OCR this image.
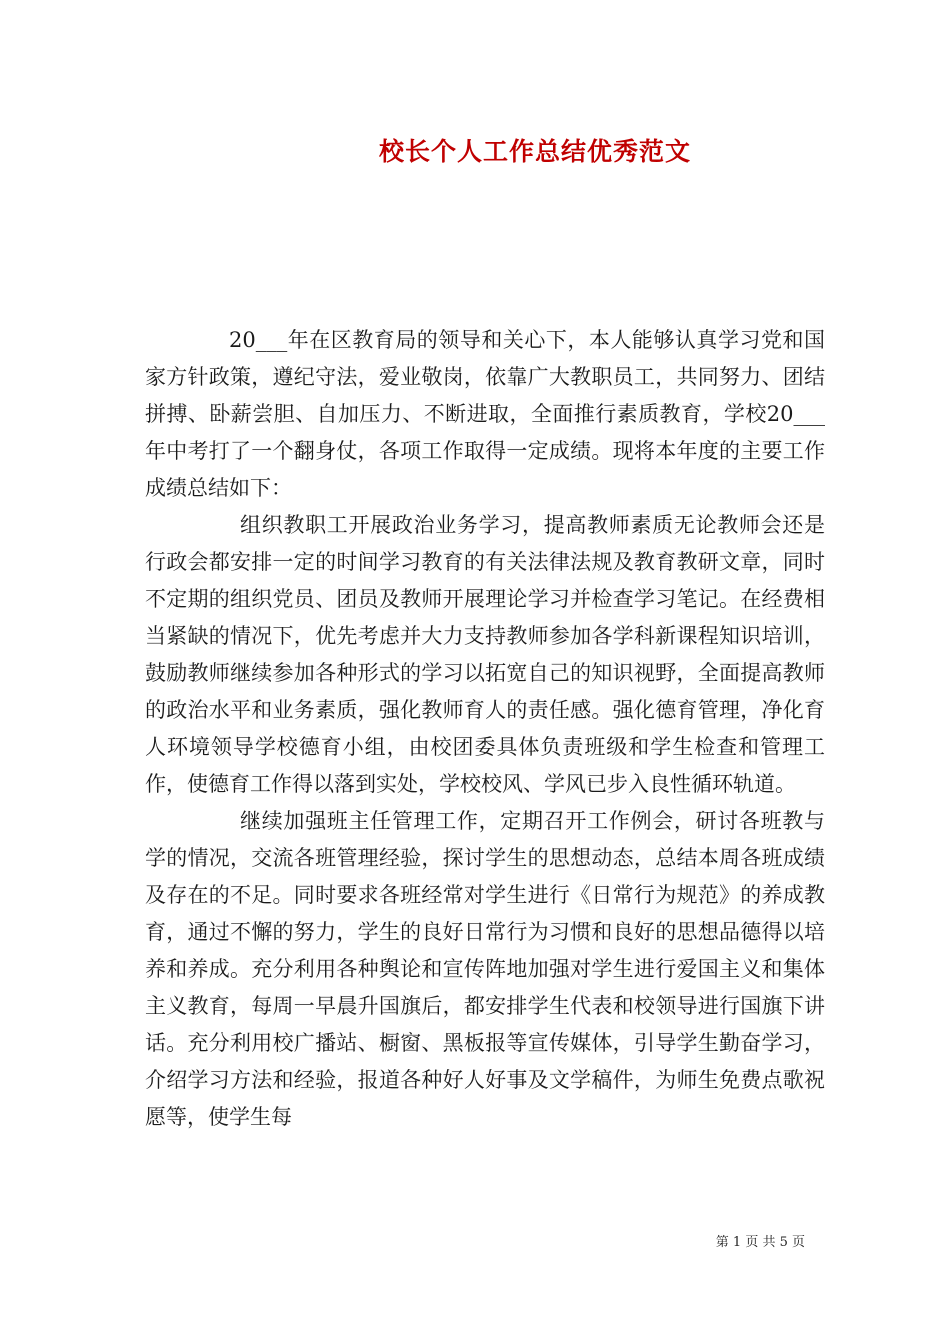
校长个人工作总结优秀范文

20___年在区教育局的领导和关心下，本人能够认真学习党和国家方针政策，遵纪守法，爱业敬岗，依靠广大教职员工，共同努力、团结拼搏、卧薪尝胆、自加压力、不断进取，全面推行素质教育，学校20___年中考打了一个翻身仗，各项工作取得一定成绩。现将本年度的主要工作成绩总结如下：

组织教职工开展政治业务学习，提高教师素质无论教师会还是行政会都安排一定的时间学习教育的有关法律法规及教育教研文章，同时不定期的组织党员、团员及教师开展理论学习并检查学习笔记。在经费相当紧缺的情况下，优先考虑并大力支持教师参加各学科新课程知识培训，鼓励教师继续参加各种形式的学习以拓宽自己的知识视野，全面提高教师的政治水平和业务素质，强化教师育人的责任感。强化德育管理，净化育人环境领导学校德育小组，由校团委具体负责班级和学生检查和管理工作，使德育工作得以落到实处，学校校风、学风已步入良性循环轨道。

继续加强班主任管理工作，定期召开工作例会，研讨各班教与学的情况，交流各班管理经验，探讨学生的思想动态，总结本周各班成绩及存在的不足。同时要求各班经常对学生进行《日常行为规范》的养成教育，通过不懈的努力，学生的良好日常行为习惯和良好的思想品德得以培养和养成。充分利用各种舆论和宣传阵地加强对学生进行爱国主义和集体主义教育，每周一早晨升国旗后，都安排学生代表和校领导进行国旗下讲话。充分利用校广播站、橱窗、黑板报等宣传媒体，引导学生勤奋学习，介绍学习方法和经验，报道各种好人好事及文学稿件，为师生免费点歌祝愿等，使学生每

第 1 页 共 5 页
